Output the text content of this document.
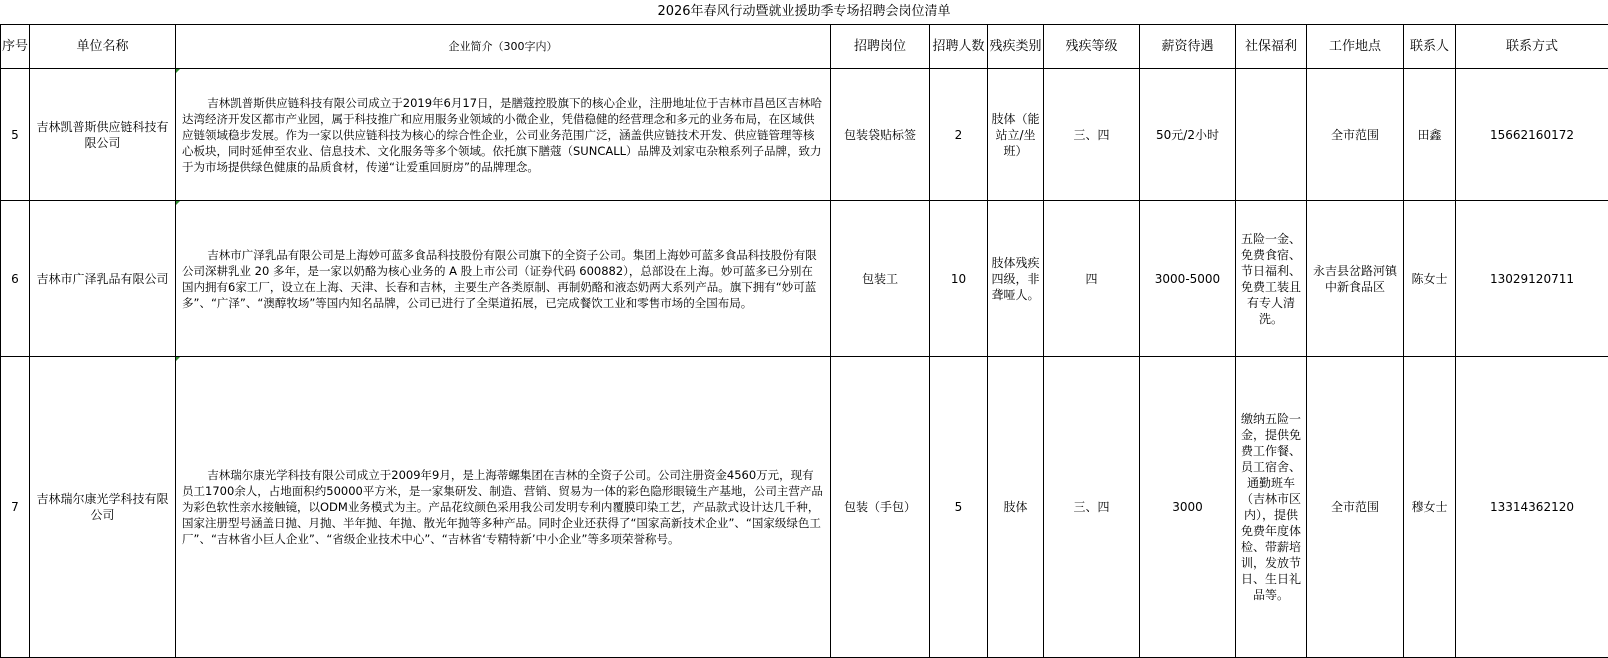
2026年春风行动暨就业援助季专场招聘会岗位清单
序号	单位名称	企业简介（300字内）	招聘岗位	招聘人数	残疾类别	残疾等级	薪资待遇	社保福利	工作地点	联系人	联系方式
5	吉林凯普斯供应链科技有限公司	吉林凯普斯供应链科技有限公司成立于2019年6月17日，是膳蔻控股旗下的核心企业，注册地址位于吉林市昌邑区吉林哈达湾经济开发区都市产业园，属于科技推广和应用服务业领域的小微企业，凭借稳健的经营理念和多元的业务布局，在区域供应链领域稳步发展。作为一家以供应链科技为核心的综合性企业，公司业务范围广泛，涵盖供应链技术开发、供应链管理等核心板块，同时延伸至农业、信息技术、文化服务等多个领域。依托旗下膳蔻（SUNCALL）品牌及刘家屯杂粮系列子品牌，致力于为市场提供绿色健康的品质食材，传递“让爱重回厨房”的品牌理念。	包装袋贴标签	2	肢体（能站立/坐班）	三、四	50元/2小时		全市范围	田鑫	15662160172
6	吉林市广泽乳品有限公司	吉林市广泽乳品有限公司是上海妙可蓝多食品科技股份有限公司旗下的全资子公司。集团上海妙可蓝多食品科技股份有限公司深耕乳业 20 多年，是一家以奶酪为核心业务的 A 股上市公司（证券代码 600882），总部设在上海。妙可蓝多已分别在国内拥有6家工厂，设立在上海、天津、长春和吉林，主要生产各类原制、再制奶酪和液态奶两大系列产品。旗下拥有“妙可蓝多”、“广泽”、“澳醇牧场”等国内知名品牌，公司已进行了全渠道拓展，已完成餐饮工业和零售市场的全国布局。	包装工	10	肢体残疾四级，非聋哑人。	四	3000-5000	五险一金、免费食宿、节日福利、免费工装且有专人清洗。	永吉县岔路河镇中新食品区	陈女士	13029120711
7	吉林瑞尔康光学科技有限公司	吉林瑞尔康光学科技有限公司成立于2009年9月，是上海蒂螺集团在吉林的全资子公司。公司注册资金4560万元，现有员工1700余人，占地面积约50000平方米，是一家集研发、制造、营销、贸易为一体的彩色隐形眼镜生产基地，公司主营产品为彩色软性亲水接触镜，以ODM业务模式为主。产品花纹颜色采用我公司发明专利内覆膜印染工艺，产品款式设计达几千种，国家注册型号涵盖日抛、月抛、半年抛、年抛、散光年抛等多种产品。同时企业还获得了“国家高新技术企业”、“国家级绿色工厂”、“吉林省小巨人企业”、“省级企业技术中心”、“吉林省‘专精特新’中小企业”等多项荣誉称号。	包装（手包）	5	肢体	三、四	3000	缴纳五险一金，提供免费工作餐、员工宿舍、通勤班车（吉林市区内），提供免费年度体检、带薪培训，发放节日、生日礼品等。	全市范围	穆女士	13314362120
